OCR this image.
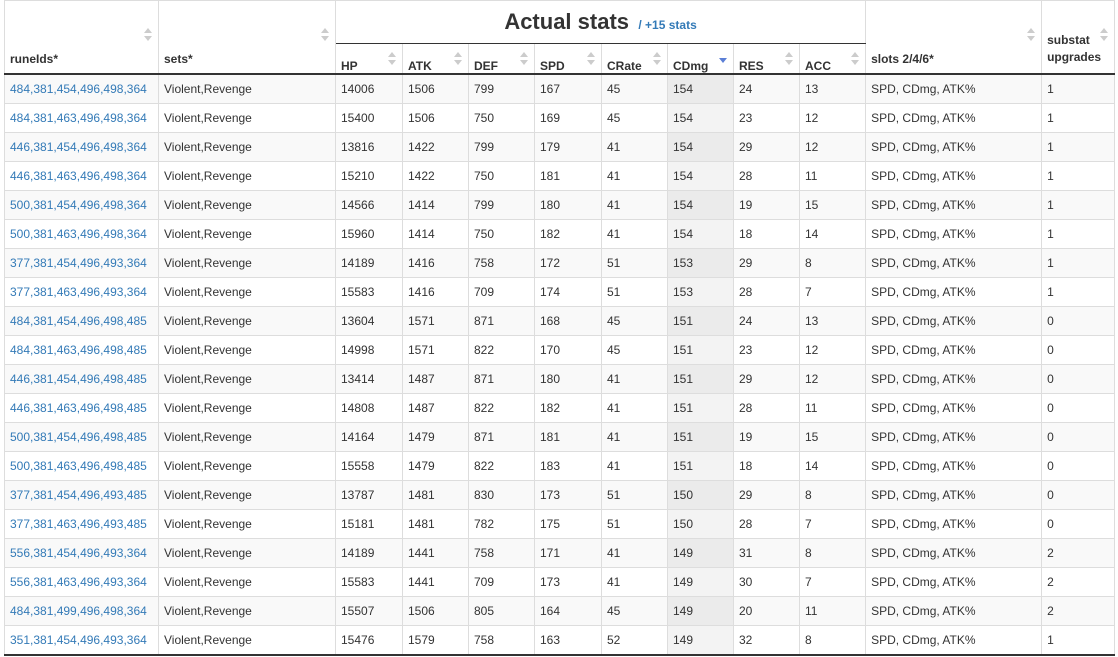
runeIds*	sets*	Actual stats / +15 stats								slots 2/4/6*	substat upgrades

		HP	ATK	DEF	SPD	CRate	CDmg	RES	ACC		

484,381,454,496,498,364	Violent,Revenge	14006	1506	799	167	45	154	24	13	SPD, CDmg, ATK%	1
484,381,463,496,498,364	Violent,Revenge	15400	1506	750	169	45	154	23	12	SPD, CDmg, ATK%	1
446,381,454,496,498,364	Violent,Revenge	13816	1422	799	179	41	154	29	12	SPD, CDmg, ATK%	1
446,381,463,496,498,364	Violent,Revenge	15210	1422	750	181	41	154	28	11	SPD, CDmg, ATK%	1
500,381,454,496,498,364	Violent,Revenge	14566	1414	799	180	41	154	19	15	SPD, CDmg, ATK%	1
500,381,463,496,498,364	Violent,Revenge	15960	1414	750	182	41	154	18	14	SPD, CDmg, ATK%	1
377,381,454,496,493,364	Violent,Revenge	14189	1416	758	172	51	153	29	8	SPD, CDmg, ATK%	1
377,381,463,496,493,364	Violent,Revenge	15583	1416	709	174	51	153	28	7	SPD, CDmg, ATK%	1
484,381,454,496,498,485	Violent,Revenge	13604	1571	871	168	45	151	24	13	SPD, CDmg, ATK%	0
484,381,463,496,498,485	Violent,Revenge	14998	1571	822	170	45	151	23	12	SPD, CDmg, ATK%	0
446,381,454,496,498,485	Violent,Revenge	13414	1487	871	180	41	151	29	12	SPD, CDmg, ATK%	0
446,381,463,496,498,485	Violent,Revenge	14808	1487	822	182	41	151	28	11	SPD, CDmg, ATK%	0
500,381,454,496,498,485	Violent,Revenge	14164	1479	871	181	41	151	19	15	SPD, CDmg, ATK%	0
500,381,463,496,498,485	Violent,Revenge	15558	1479	822	183	41	151	18	14	SPD, CDmg, ATK%	0
377,381,454,496,493,485	Violent,Revenge	13787	1481	830	173	51	150	29	8	SPD, CDmg, ATK%	0
377,381,463,496,493,485	Violent,Revenge	15181	1481	782	175	51	150	28	7	SPD, CDmg, ATK%	0
556,381,454,496,493,364	Violent,Revenge	14189	1441	758	171	41	149	31	8	SPD, CDmg, ATK%	2
556,381,463,496,493,364	Violent,Revenge	15583	1441	709	173	41	149	30	7	SPD, CDmg, ATK%	2
484,381,499,496,498,364	Violent,Revenge	15507	1506	805	164	45	149	20	11	SPD, CDmg, ATK%	2
351,381,454,496,493,364	Violent,Revenge	15476	1579	758	163	52	149	32	8	SPD, CDmg, ATK%	1
